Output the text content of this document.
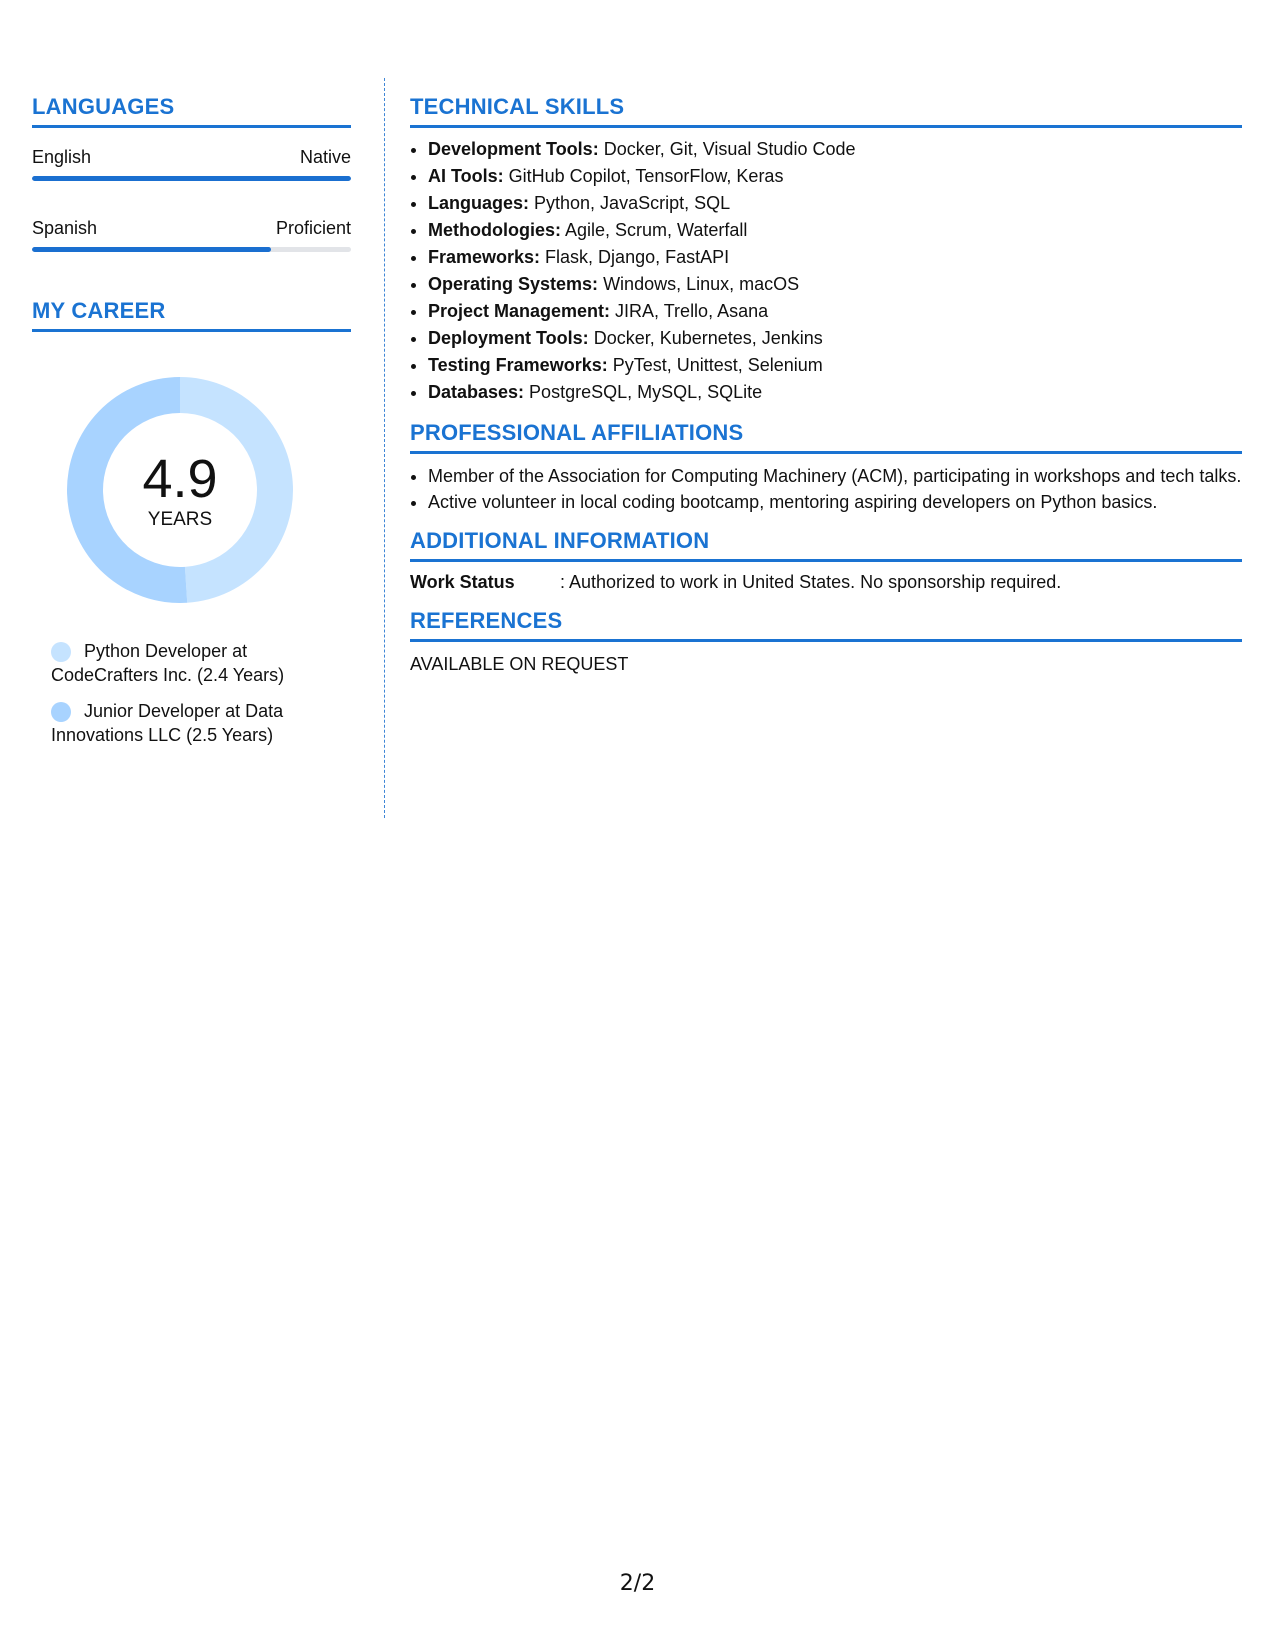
LANGUAGES
English	Native
Spanish	Proficient
MY CAREER
4.9
YEARS
Python Developer at CodeCrafters Inc. (2.4 Years)
Junior Developer at Data Innovations LLC (2.5 Years)
TECHNICAL SKILLS
• Development Tools: Docker, Git, Visual Studio Code
• AI Tools: GitHub Copilot, TensorFlow, Keras
• Languages: Python, JavaScript, SQL
• Methodologies: Agile, Scrum, Waterfall
• Frameworks: Flask, Django, FastAPI
• Operating Systems: Windows, Linux, macOS
• Project Management: JIRA, Trello, Asana
• Deployment Tools: Docker, Kubernetes, Jenkins
• Testing Frameworks: PyTest, Unittest, Selenium
• Databases: PostgreSQL, MySQL, SQLite
PROFESSIONAL AFFILIATIONS
• Member of the Association for Computing Machinery (ACM), participating in workshops and tech talks.
• Active volunteer in local coding bootcamp, mentoring aspiring developers on Python basics.
ADDITIONAL INFORMATION
Work Status	: Authorized to work in United States. No sponsorship required.
REFERENCES
AVAILABLE ON REQUEST
2/2
